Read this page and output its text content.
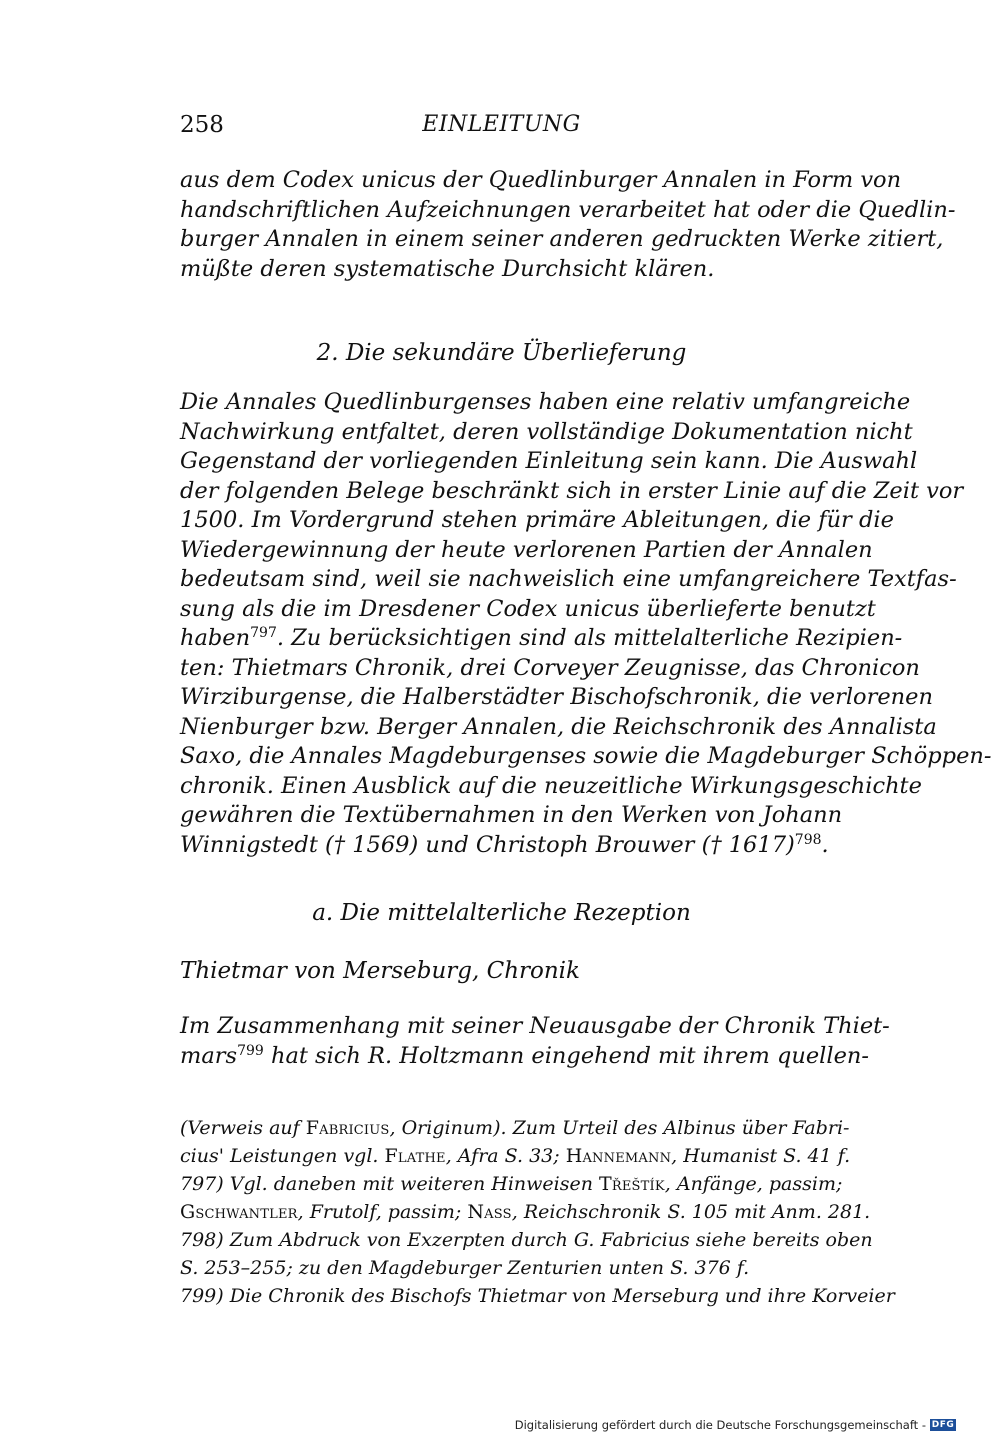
258	EINLEITUNG
aus dem Codex unicus der Quedlinburger Annalen in Form von
handschriftlichen Aufzeichnungen verarbeitet hat oder die Quedlin-
burger Annalen in einem seiner anderen gedruckten Werke zitiert,
müßte deren systematische Durchsicht klären.
2. Die sekundäre Überlieferung
Die Annales Quedlinburgenses haben eine relativ umfangreiche
Nachwirkung entfaltet, deren vollständige Dokumentation nicht
Gegenstand der vorliegenden Einleitung sein kann. Die Auswahl
der folgenden Belege beschränkt sich in erster Linie auf die Zeit vor
1500. Im Vordergrund stehen primäre Ableitungen, die für die
Wiedergewinnung der heute verlorenen Partien der Annalen
bedeutsam sind, weil sie nachweislich eine umfangreichere Textfas-
sung als die im Dresdener Codex unicus überlieferte benutzt
haben$^{797}$. Zu berücksichtigen sind als mittelalterliche Rezipien-
ten: Thietmars Chronik, drei Corveyer Zeugnisse, das Chronicon
Wirziburgense, die Halberstädter Bischofschronik, die verlorenen
Nienburger bzw. Berger Annalen, die Reichschronik des Annalista
Saxo, die Annales Magdeburgenses sowie die Magdeburger Schöppen-
chronik. Einen Ausblick auf die neuzeitliche Wirkungsgeschichte
gewähren die Textübernahmen in den Werken von Johann
Winnigstedt († 1569) und Christoph Brouwer († 1617)$^{798}$.
a. Die mittelalterliche Rezeption
Thietmar von Merseburg, Chronik
Im Zusammenhang mit seiner Neuausgabe der Chronik Thiet-
mars$^{799}$ hat sich R. Holtzmann eingehend mit ihrem quellen-
(Verweis auf Fabricius, Originum). Zum Urteil des Albinus über Fabri-
cius' Leistungen vgl. Flathe, Afra S. 33; Hannemann, Humanist S. 41 f.
797) Vgl. daneben mit weiteren Hinweisen Třeštík, Anfänge, passim;
Gschwantler, Frutolf, passim; Nass, Reichschronik S. 105 mit Anm. 281.
798) Zum Abdruck von Exzerpten durch G. Fabricius siehe bereits oben
S. 253–255; zu den Magdeburger Zenturien unten S. 376 f.
799) Die Chronik des Bischofs Thietmar von Merseburg und ihre Korveier
Digitalisierung gefördert durch die Deutsche Forschungsgemeinschaft - DFG
